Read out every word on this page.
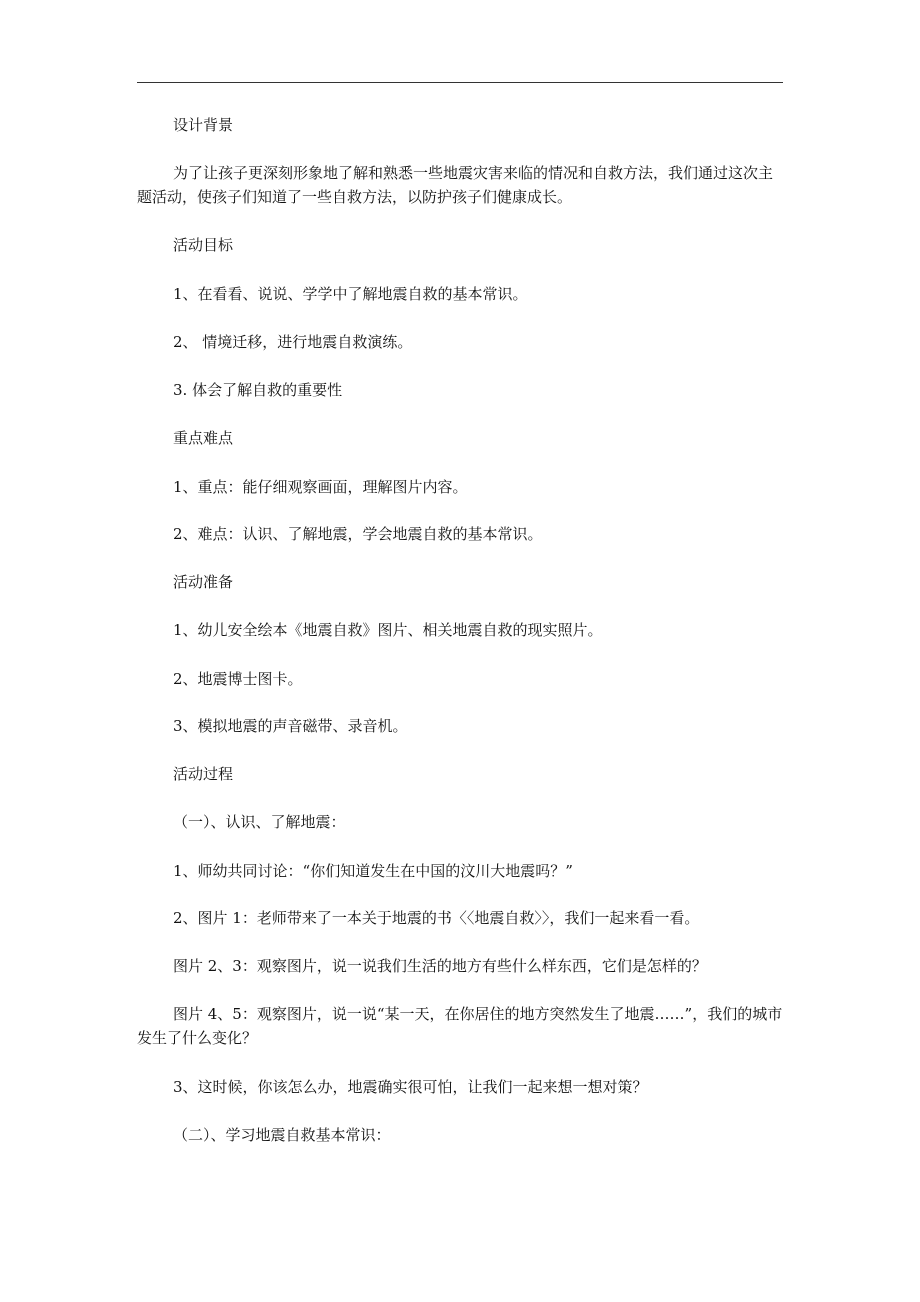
设计背景
为了让孩子更深刻形象地了解和熟悉一些地震灾害来临的情况和自救方法，我们通过这次主题活动，使孩子们知道了一些自救方法，以防护孩子们健康成长。
活动目标
1、在看看、说说、学学中了解地震自救的基本常识。
2、 情境迁移，进行地震自救演练。
3. 体会了解自救的重要性
重点难点
1、重点：能仔细观察画面，理解图片内容。
2、难点：认识、了解地震，学会地震自救的基本常识。
活动准备
1、幼儿安全绘本《地震自救》图片、相关地震自救的现实照片。
2、地震博士图卡。
3、模拟地震的声音磁带、录音机。
活动过程
（一）、认识、了解地震：
1、师幼共同讨论：“你们知道发生在中国的汶川大地震吗？”
2、图片 1：老师带来了一本关于地震的书〈〈地震自救〉〉，我们一起来看一看。
图片 2、3：观察图片，说一说我们生活的地方有些什么样东西，它们是怎样的？
图片 4、5：观察图片，说一说“某一天，在你居住的地方突然发生了地震……”，我们的城市发生了什么变化？
3、这时候，你该怎么办，地震确实很可怕，让我们一起来想一想对策？
（二）、学习地震自救基本常识：
